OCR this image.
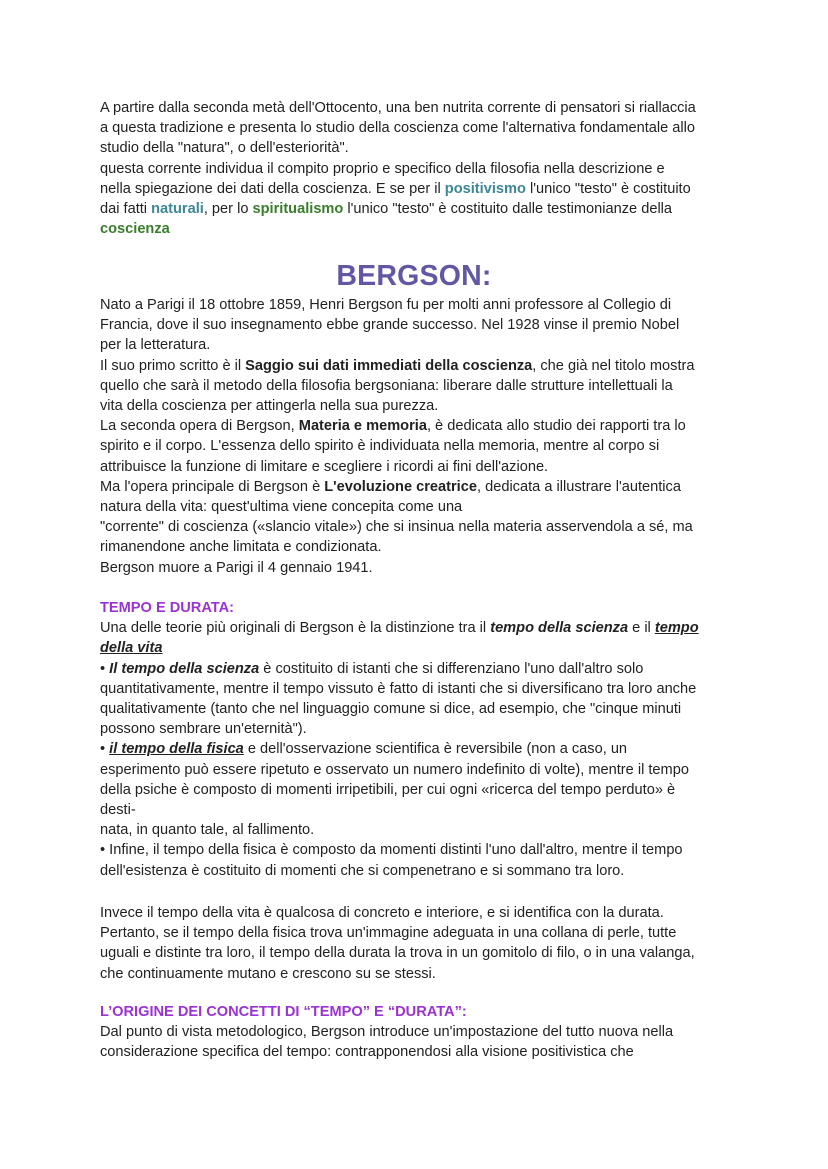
A partire dalla seconda metà dell'Ottocento, una ben nutrita corrente di pensatori si riallaccia
a questa tradizione e presenta lo studio della coscienza come l'alternativa fondamentale allo
studio della "natura", o dell'esteriorità".
questa corrente individua il compito proprio e specifico della filosofia nella descrizione e
nella spiegazione dei dati della coscienza. E se per il positivismo l'unico "testo" è costituito
dai fatti naturali, per lo spiritualismo l'unico "testo" è costituito dalle testimonianze della
coscienza

BERGSON:

Nato a Parigi il 18 ottobre 1859, Henri Bergson fu per molti anni professore al Collegio di
Francia, dove il suo insegnamento ebbe grande successo. Nel 1928 vinse il premio Nobel
per la letteratura.
Il suo primo scritto è il Saggio sui dati immediati della coscienza, che già nel titolo mostra
quello che sarà il metodo della filosofia bergsoniana: liberare dalle strutture intellettuali la
vita della coscienza per attingerla nella sua purezza.
La seconda opera di Bergson, Materia e memoria, è dedicata allo studio dei rapporti tra lo
spirito e il corpo. L'essenza dello spirito è individuata nella memoria, mentre al corpo si
attribuisce la funzione di limitare e scegliere i ricordi ai fini dell'azione.
Ma l'opera principale di Bergson è L'evoluzione creatrice, dedicata a illustrare l'autentica
natura della vita: quest'ultima viene concepita come una
"corrente" di coscienza («slancio vitale») che si insinua nella materia asservendola a sé, ma
rimanendone anche limitata e condizionata.
Bergson muore a Parigi il 4 gennaio 1941.

TEMPO E DURATA:

Una delle teorie più originali di Bergson è la distinzione tra il tempo della scienza e il tempo
della vita
• Il tempo della scienza è costituito di istanti che si differenziano l'uno dall'altro solo
quantitativamente, mentre il tempo vissuto è fatto di istanti che si diversificano tra loro anche
qualitativamente (tanto che nel linguaggio comune si dice, ad esempio, che "cinque minuti
possono sembrare un'eternità").
• il tempo della fisica e dell'osservazione scientifica è reversibile (non a caso, un
esperimento può essere ripetuto e osservato un numero indefinito di volte), mentre il tempo
della psiche è composto di momenti irripetibili, per cui ogni «ricerca del tempo perduto» è
desti-
nata, in quanto tale, al fallimento.
• Infine, il tempo della fisica è composto da momenti distinti l'uno dall'altro, mentre il tempo
dell'esistenza è costituito di momenti che si compenetrano e si sommano tra loro.

Invece il tempo della vita è qualcosa di concreto e interiore, e si identifica con la durata.
Pertanto, se il tempo della fisica trova un'immagine adeguata in una collana di perle, tutte
uguali e distinte tra loro, il tempo della durata la trova in un gomitolo di filo, o in una valanga,
che continuamente mutano e crescono su se stessi.

L’ORIGINE DEI CONCETTI DI “TEMPO” E “DURATA”:

Dal punto di vista metodologico, Bergson introduce un'impostazione del tutto nuova nella
considerazione specifica del tempo: contrapponendosi alla visione positivistica che
